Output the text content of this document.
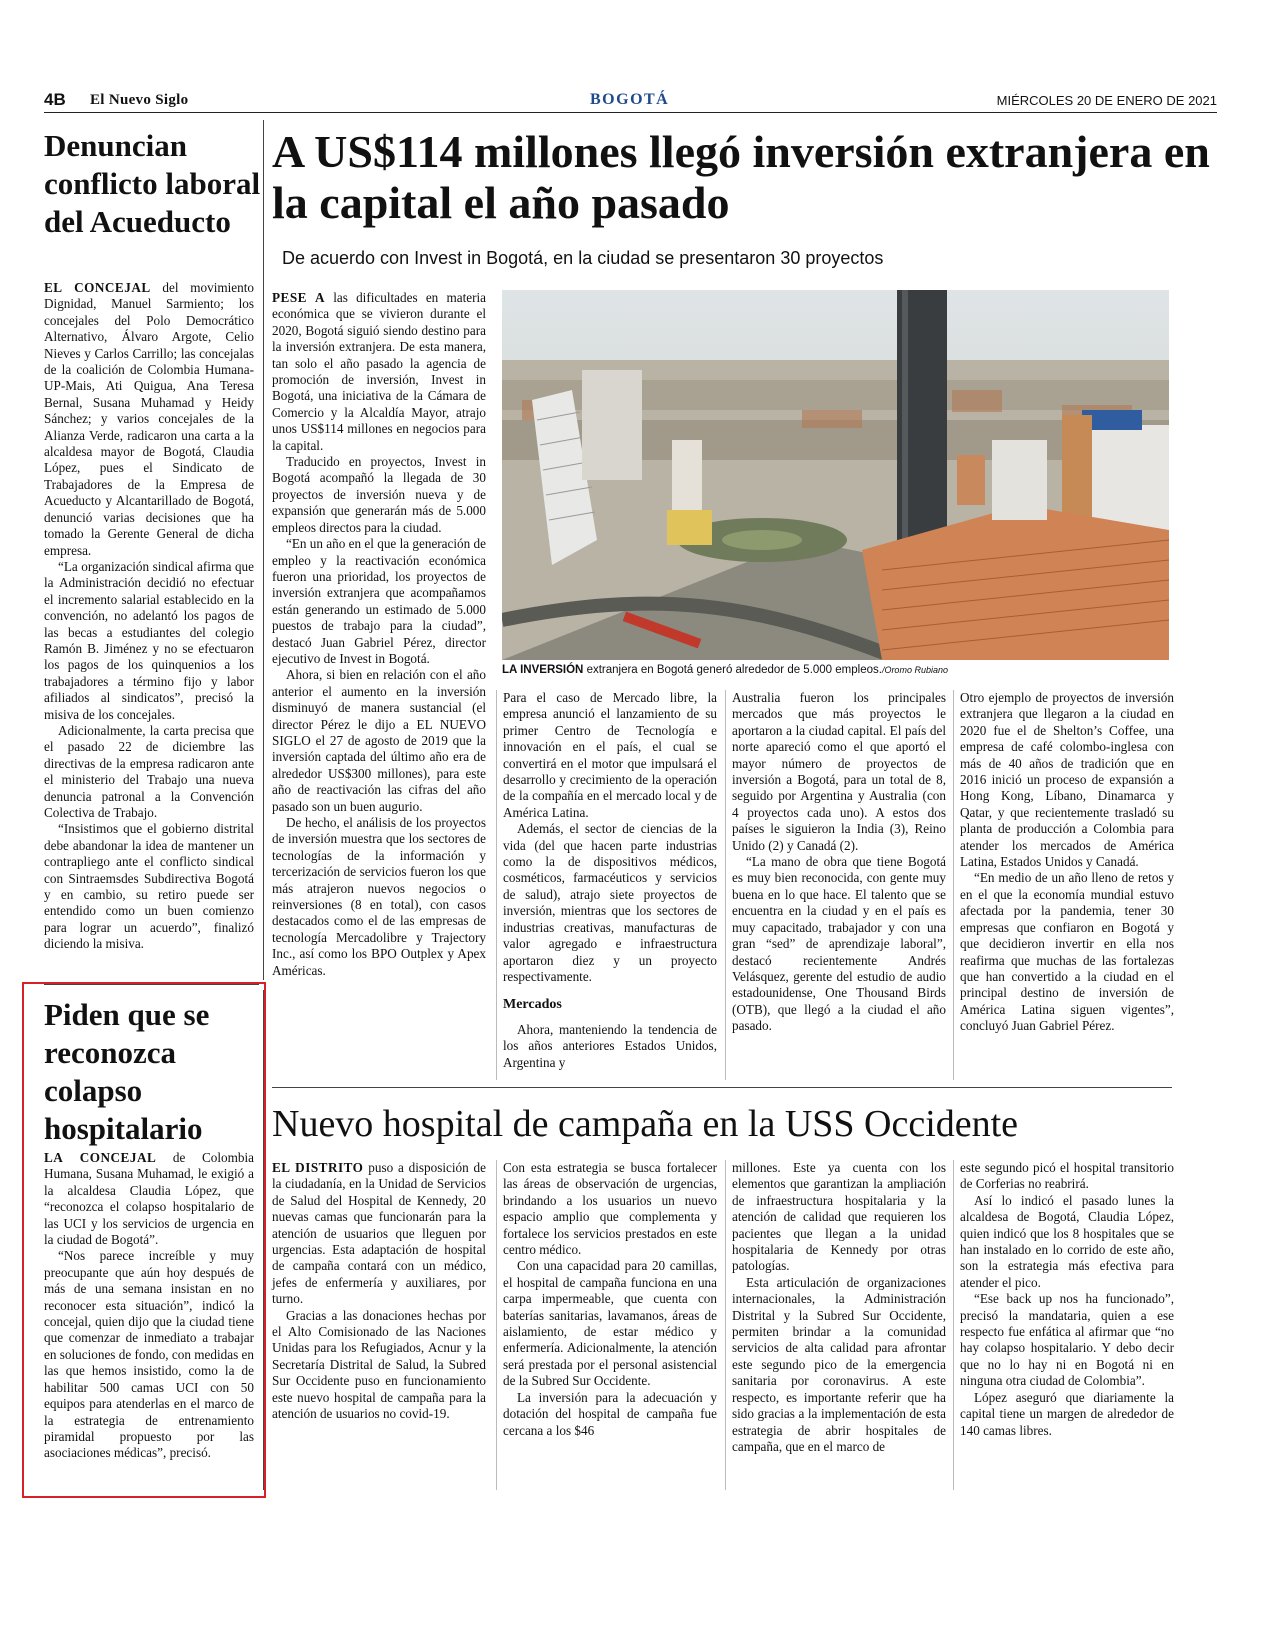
4B El Nuevo Siglo	BOGOTÁ	MIÉRCOLES 20 DE ENERO DE 2021
Denuncian conflicto laboral del Acueducto

EL CONCEJAL del movimiento Dignidad, Manuel Sarmiento; los concejales del Polo Democrático Alternativo, Álvaro Argote, Celio Nieves y Carlos Carrillo; las concejalas de la coalición de Colombia Humana-UP-Mais, Ati Quigua, Ana Teresa Bernal, Susana Muhamad y Heidy Sánchez; y varios concejales de la Alianza Verde, radicaron una carta a la alcaldesa mayor de Bogotá, Claudia López, pues el Sindicato de Trabajadores de la Empresa de Acueducto y Alcantarillado de Bogotá, denunció varias decisiones que ha tomado la Gerente General de dicha empresa.

“La organización sindical afirma que la Administración decidió no efectuar el incremento salarial establecido en la convención, no adelantó los pagos de las becas a estudiantes del colegio Ramón B. Jiménez y no se efectuaron los pagos de los quinquenios a los trabajadores a término fijo y labor afiliados al sindicatos”, precisó la misiva de los concejales.

Adicionalmente, la carta precisa que el pasado 22 de diciembre las directivas de la empresa radicaron ante el ministerio del Trabajo una nueva denuncia patronal a la Convención Colectiva de Trabajo.

“Insistimos que el gobierno distrital debe abandonar la idea de mantener un contrapliego ante el conflicto sindical con Sintraemsdes Subdirectiva Bogotá y en cambio, su retiro puede ser entendido como un buen comienzo para lograr un acuerdo”, finalizó diciendo la misiva.

Piden que se reconozca colapso hospitalario

LA CONCEJAL de Colombia Humana, Susana Muhamad, le exigió a la alcaldesa Claudia López, que “reconozca el colapso hospitalario de las UCI y los servicios de urgencia en la ciudad de Bogotá”.

“Nos parece increíble y muy preocupante que aún hoy después de más de una semana insistan en no reconocer esta situación”, indicó la concejal, quien dijo que la ciudad tiene que comenzar de inmediato a trabajar en soluciones de fondo, con medidas en las que hemos insistido, como la de habilitar 500 camas UCI con 50 equipos para atenderlas en el marco de la estrategia de entrenamiento piramidal propuesto por las asociaciones médicas”, precisó.

A US$114 millones llegó inversión extranjera en la capital el año pasado
De acuerdo con Invest in Bogotá, en la ciudad se presentaron 30 proyectos

PESE A las dificultades en materia económica que se vivieron durante el 2020, Bogotá siguió siendo destino para la inversión extranjera. De esta manera, tan solo el año pasado la agencia de promoción de inversión, Invest in Bogotá, una iniciativa de la Cámara de Comercio y la Alcaldía Mayor, atrajo unos US$114 millones en negocios para la capital.

Traducido en proyectos, Invest in Bogotá acompañó la llegada de 30 proyectos de inversión nueva y de expansión que generarán más de 5.000 empleos directos para la ciudad.

“En un año en el que la generación de empleo y la reactivación económica fueron una prioridad, los proyectos de inversión extranjera que acompañamos están generando un estimado de 5.000 puestos de trabajo para la ciudad”, destacó Juan Gabriel Pérez, director ejecutivo de Invest in Bogotá.

Ahora, si bien en relación con el año anterior el aumento en la inversión disminuyó de manera sustancial (el director Pérez le dijo a EL NUEVO SIGLO el 27 de agosto de 2019 que la inversión captada del último año era de alrededor US$300 millones), para este año de reactivación las cifras del año pasado son un buen augurio.

De hecho, el análisis de los proyectos de inversión muestra que los sectores de tecnologías de la información y tercerización de servicios fueron los que más atrajeron nuevos negocios o reinversiones (8 en total), con casos destacados como el de las empresas de tecnología Mercadolibre y Trajectory Inc., así como los BPO Outplex y Apex Américas.

LA INVERSIÓN extranjera en Bogotá generó alrededor de 5.000 empleos./Oromo Rubiano

Para el caso de Mercado libre, la empresa anunció el lanzamiento de su primer Centro de Tecnología e innovación en el país, el cual se convertirá en el motor que impulsará el desarrollo y crecimiento de la operación de la compañía en el mercado local y de América Latina.

Además, el sector de ciencias de la vida (del que hacen parte industrias como la de dispositivos médicos, cosméticos, farmacéuticos y servicios de salud), atrajo siete proyectos de inversión, mientras que los sectores de industrias creativas, manufacturas de valor agregado e infraestructura aportaron diez y un proyecto respectivamente.

Mercados

Ahora, manteniendo la tendencia de los años anteriores Estados Unidos, Argentina y

Australia fueron los principales mercados que más proyectos le aportaron a la ciudad capital. El país del norte apareció como el que aportó el mayor número de proyectos de inversión a Bogotá, para un total de 8, seguido por Argentina y Australia (con 4 proyectos cada uno). A estos dos países le siguieron la India (3), Reino Unido (2) y Canadá (2).

“La mano de obra que tiene Bogotá es muy bien reconocida, con gente muy buena en lo que hace. El talento que se encuentra en la ciudad y en el país es muy capacitado, trabajador y con una gran “sed” de aprendizaje laboral”, destacó recientemente Andrés Velásquez, gerente del estudio de audio estadounidense, One Thousand Birds (OTB), que llegó a la ciudad el año pasado.

Otro ejemplo de proyectos de inversión extranjera que llegaron a la ciudad en 2020 fue el de Shelton’s Coffee, una empresa de café colombo-inglesa con más de 40 años de tradición que en 2016 inició un proceso de expansión a Hong Kong, Líbano, Dinamarca y Qatar, y que recientemente trasladó su planta de producción a Colombia para atender los mercados de América Latina, Estados Unidos y Canadá.

“En medio de un año lleno de retos y en el que la economía mundial estuvo afectada por la pandemia, tener 30 empresas que confiaron en Bogotá y que decidieron invertir en ella nos reafirma que muchas de las fortalezas que han convertido a la ciudad en el principal destino de inversión de América Latina siguen vigentes”, concluyó Juan Gabriel Pérez.

Nuevo hospital de campaña en la USS Occidente

EL DISTRITO puso a disposición de la ciudadanía, en la Unidad de Servicios de Salud del Hospital de Kennedy, 20 nuevas camas que funcionarán para la atención de usuarios que lleguen por urgencias. Esta adaptación de hospital de campaña contará con un médico, jefes de enfermería y auxiliares, por turno.

Gracias a las donaciones hechas por el Alto Comisionado de las Naciones Unidas para los Refugiados, Acnur y la Secretaría Distrital de Salud, la Subred Sur Occidente puso en funcionamiento este nuevo hospital de campaña para la atención de usuarios no covid-19.

Con esta estrategia se busca fortalecer las áreas de observación de urgencias, brindando a los usuarios un nuevo espacio amplio que complementa y fortalece los servicios prestados en este centro médico.

Con una capacidad para 20 camillas, el hospital de campaña funciona en una carpa impermeable, que cuenta con baterías sanitarias, lavamanos, áreas de aislamiento, de estar médico y enfermería. Adicionalmente, la atención será prestada por el personal asistencial de la Subred Sur Occidente.

La inversión para la adecuación y dotación del hospital de campaña fue cercana a los $46

millones. Este ya cuenta con los elementos que garantizan la ampliación de infraestructura hospitalaria y la atención de calidad que requieren los pacientes que llegan a la unidad hospitalaria de Kennedy por otras patologías.

Esta articulación de organizaciones internacionales, la Administración Distrital y la Subred Sur Occidente, permiten brindar a la comunidad servicios de alta calidad para afrontar este segundo pico de la emergencia sanitaria por coronavirus. A este respecto, es importante referir que ha sido gracias a la implementación de esta estrategia de abrir hospitales de campaña, que en el marco de

este segundo picó el hospital transitorio de Corferias no reabrirá.

Así lo indicó el pasado lunes la alcaldesa de Bogotá, Claudia López, quien indicó que los 8 hospitales que se han instalado en lo corrido de este año, son la estrategia más efectiva para atender el pico.

“Ese back up nos ha funcionado”, precisó la mandataria, quien a ese respecto fue enfática al afirmar que “no hay colapso hospitalario. Y debo decir que no lo hay ni en Bogotá ni en ninguna otra ciudad de Colombia”.

López aseguró que diariamente la capital tiene un margen de alrededor de 140 camas libres.
